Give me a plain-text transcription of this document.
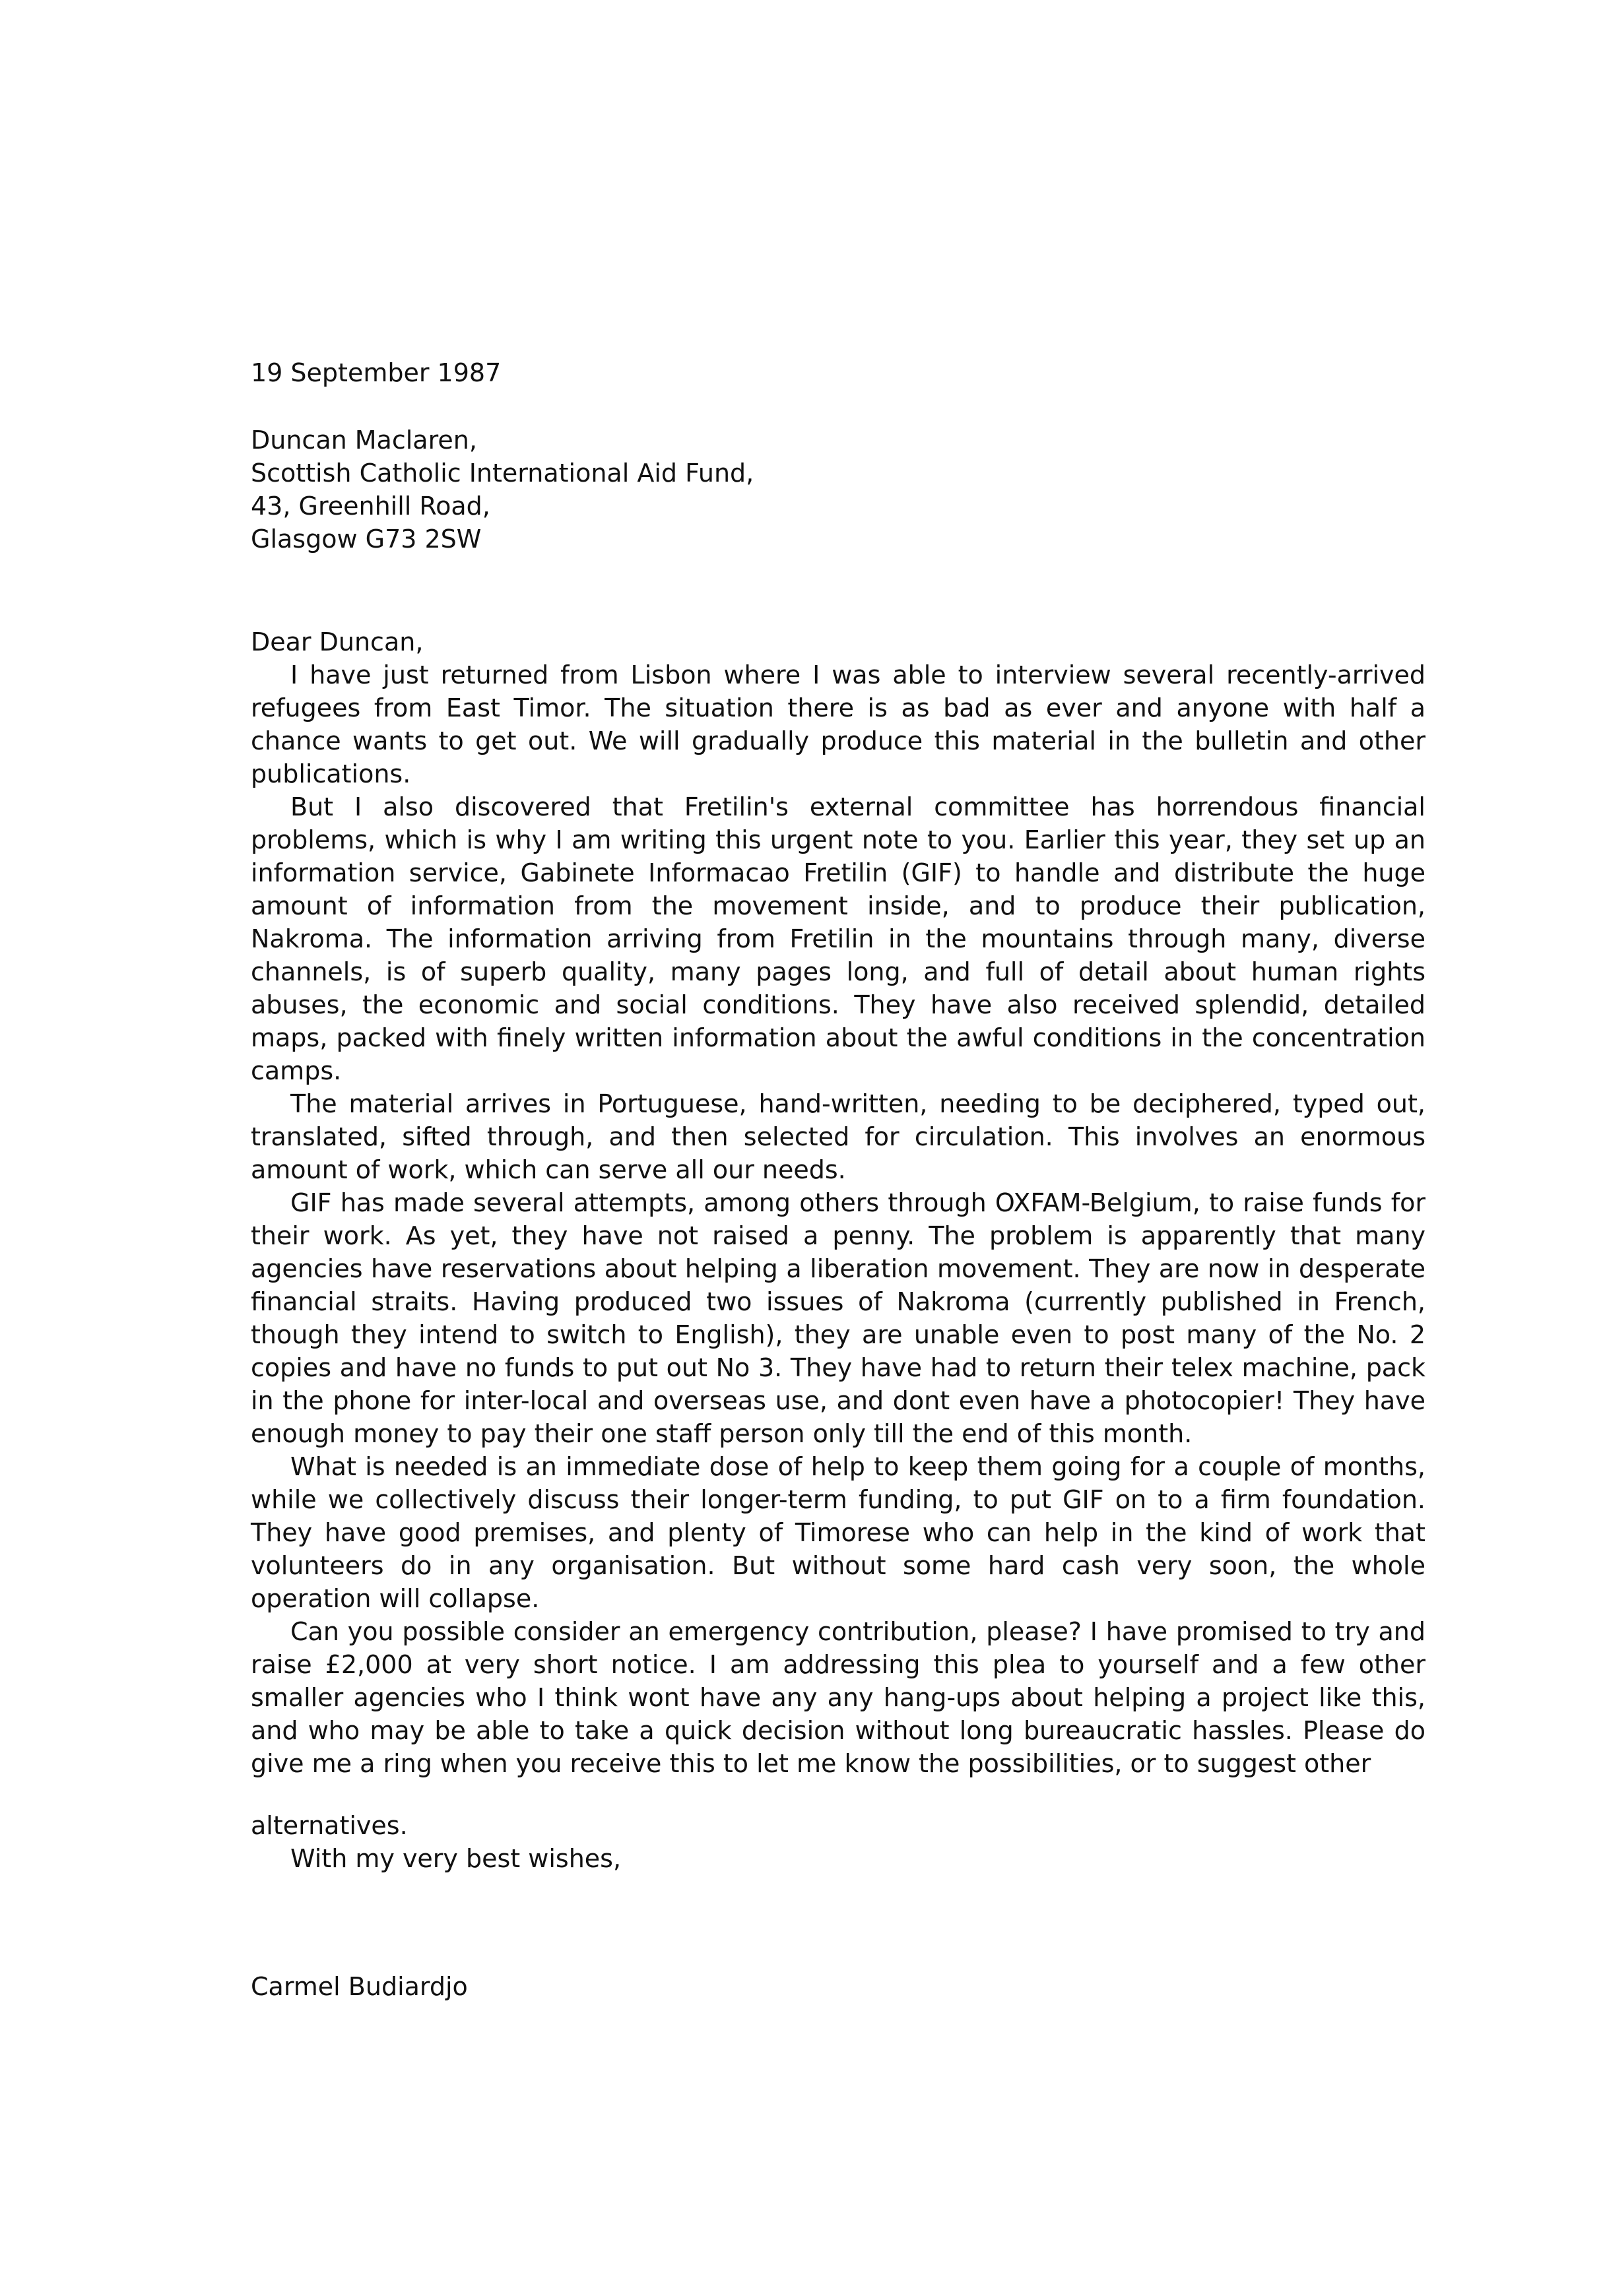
19 September 1987
Duncan Maclaren,
Scottish Catholic International Aid Fund,
43, Greenhill Road,
Glasgow G73 2SW
Dear Duncan,

I have just returned from Lisbon where I was able to interview several recently-arrived refugees from East Timor. The situation there is as bad as ever and anyone with half a chance wants to get out. We will gradually produce this material in the bulletin and other publications.

But I also discovered that Fretilin's external committee has horrendous financial problems, which is why I am writing this urgent note to you. Earlier this year, they set up an information service, Gabinete Informacao Fretilin (GIF) to handle and distribute the huge amount of information from the movement inside, and to produce their publication, Nakroma. The information arriving from Fretilin in the mountains through many, diverse channels, is of superb quality, many pages long, and full of detail about human rights abuses, the economic and social conditions. They have also received splendid, detailed maps, packed with finely written information about the awful conditions in the concentration camps.

The material arrives in Portuguese, hand-written, needing to be deciphered, typed out, translated, sifted through, and then selected for circulation. This involves an enormous amount of work, which can serve all our needs.

GIF has made several attempts, among others through OXFAM-Belgium, to raise funds for their work. As yet, they have not raised a penny. The problem is apparently that many agencies have reservations about helping a liberation movement. They are now in desperate financial straits. Having produced two issues of Nakroma (currently published in French, though they intend to switch to English), they are unable even to post many of the No. 2 copies and have no funds to put out No 3. They have had to return their telex machine, pack in the phone for inter-local and overseas use, and dont even have a photocopier! They have enough money to pay their one staff person only till the end of this month.

What is needed is an immediate dose of help to keep them going for a couple of months, while we collectively discuss their longer-term funding, to put GIF on to a firm foundation. They have good premises, and plenty of Timorese who can help in the kind of work that volunteers do in any organisation. But without some hard cash very soon, the whole operation will collapse.

Can you possible consider an emergency contribution, please? I have promised to try and raise £2,000 at very short notice. I am addressing this plea to yourself and a few other smaller agencies who I think wont have any any hang-ups about helping a project like this, and who may be able to take a quick decision without long bureaucratic hassles. Please do give me a ring when you receive this to let me know the possibilities, or to suggest other

alternatives.
With my very best wishes,
Carmel Budiardjo
